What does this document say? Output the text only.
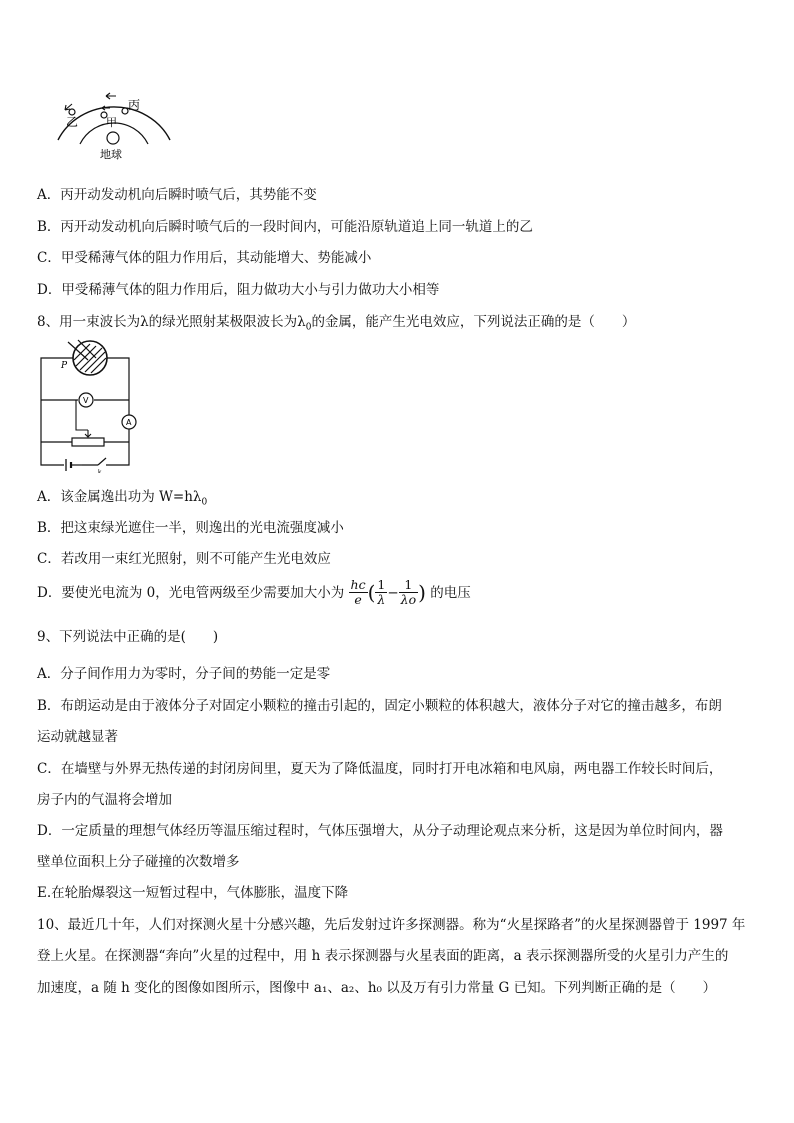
丙
乙	甲
地球
A．丙开动发动机向后瞬时喷气后，其势能不变
B．丙开动发动机向后瞬时喷气后的一段时间内，可能沿原轨道追上同一轨道上的乙
C．甲受稀薄气体的阻力作用后，其动能增大、势能减小
D．甲受稀薄气体的阻力作用后，阻力做功大小与引力做功大小相等
8、用一束波长为λ的绿光照射某极限波长为$\lambda_0$的金属，能产生光电效应，下列说法正确的是（　　）
P
V
A
k
A．该金属逸出功为 $W=h\lambda_0$
B．把这束绿光遮住一半，则逸出的光电流强度减小
C．若改用一束红光照射，则不可能产生光电效应
D．要使光电流为 0，光电管两级至少需要加大小为 $\frac{hc}{e}$ ( $\frac{1}{\lambda} - \frac{1}{\lambda o}$ ) 的电压
9、下列说法中正确的是(　　)
A．分子间作用力为零时，分子间的势能一定是零
B．布朗运动是由于液体分子对固定小颗粒的撞击引起的，固定小颗粒的体积越大，液体分子对它的撞击越多，布朗
运动就越显著
C．在墙壁与外界无热传递的封闭房间里，夏天为了降低温度，同时打开电冰箱和电风扇，两电器工作较长时间后，
房子内的气温将会增加
D．一定质量的理想气体经历等温压缩过程时，气体压强增大，从分子动理论观点来分析，这是因为单位时间内，器
壁单位面积上分子碰撞的次数增多
E.在轮胎爆裂这一短暂过程中，气体膨胀，温度下降
10、最近几十年，人们对探测火星十分感兴趣，先后发射过许多探测器。称为“火星探路者”的火星探测器曾于 1997 年
登上火星。在探测器“奔向”火星的过程中，用 h 表示探测器与火星表面的距离，a 表示探测器所受的火星引力产生的
加速度，a 随 h 变化的图像如图所示，图像中 a₁、a₂、h₀ 以及万有引力常量 G 已知。下列判断正确的是（　　）
